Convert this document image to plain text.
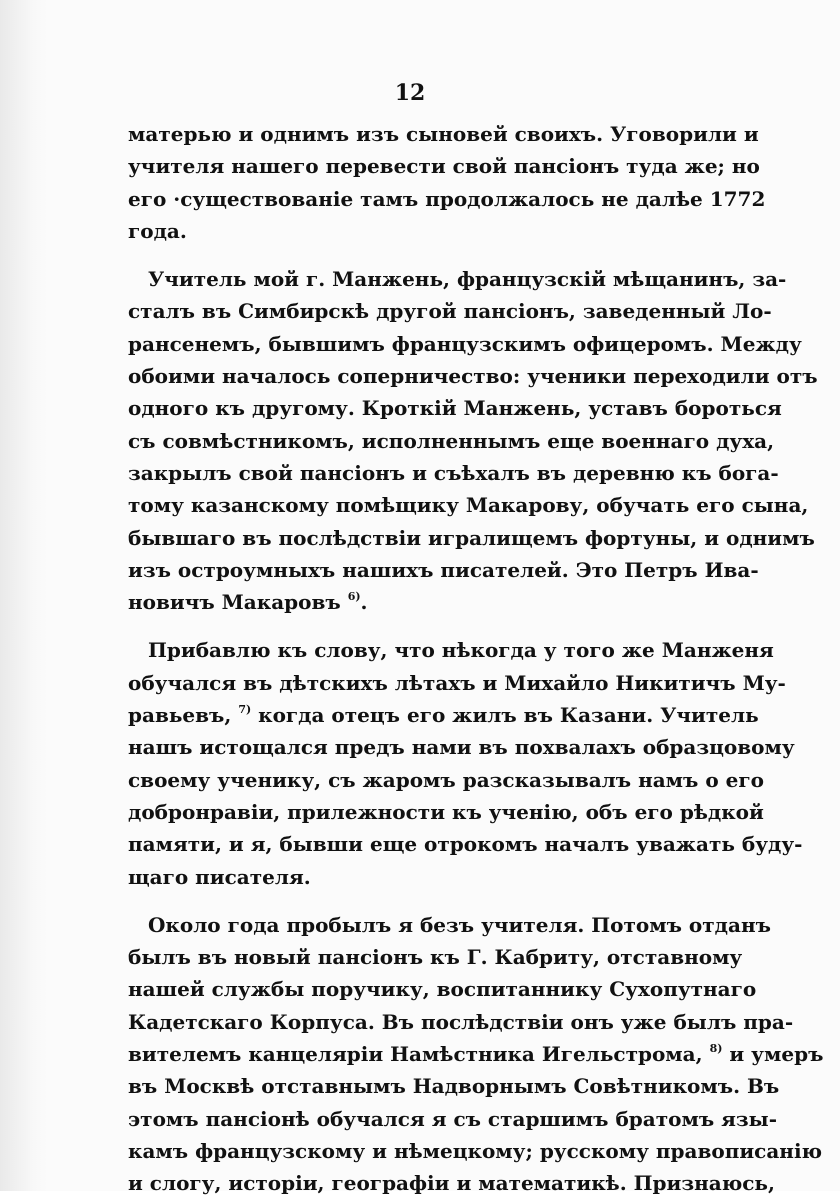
12
матерью и однимъ изъ сыновей своихъ. Уговорили и
учителя нашего перевести свой пансіонъ туда же; но
его ·существованіе тамъ продолжалось не далѣе 1772
года.
Учитель мой г. Манжень, французскій мѣщанинъ, за-
сталъ въ Симбирскѣ другой пансіонъ, заведенный Ло-
рансенемъ, бывшимъ французскимъ офицеромъ. Между
обоими началось соперничество: ученики переходили отъ
одного къ другому. Кроткій Манжень, уставъ бороться
съ совмѣстникомъ, исполненнымъ еще военнаго духа,
закрылъ свой пансіонъ и съѣхалъ въ деревню къ бога-
тому казанскому помѣщику Макарову, обучать его сына,
бывшаго въ послѣдствіи игралищемъ фортуны, и однимъ
изъ остроумныхъ нашихъ писателей. Это Петръ Ива-
новичъ Макаровъ $^{6)}$.
Прибавлю къ слову, что нѣкогда у того же Манженя
обучался въ дѣтскихъ лѣтахъ и Михайло Никитичъ Му-
равьевъ, $^{7)}$ когда отецъ его жилъ въ Казани. Учитель
нашъ истощался предъ нами въ похвалахъ образцовому
своему ученику, съ жаромъ разсказывалъ намъ о его
добронравіи, прилежности къ ученію, объ его рѣдкой
памяти, и я, бывши еще отрокомъ началъ уважать буду-
щаго писателя.
Около года пробылъ я безъ учителя. Потомъ отданъ
былъ въ новый пансіонъ къ Г. Кабриту, отставному
нашей службы поручику, воспитаннику Сухопутнаго
Кадетскаго Корпуса. Въ послѣдствіи онъ уже былъ пра-
вителемъ канцеляріи Намѣстника Игельстрома, $^{8)}$ и умеръ
въ Москвѣ отставнымъ Надворнымъ Совѣтникомъ. Въ
этомъ пансіонѣ обучался я съ старшимъ братомъ язы-
камъ французскому и нѣмецкому; русскому правописанію
и слогу, исторіи, географіи и математикѣ. Признаюсь,
